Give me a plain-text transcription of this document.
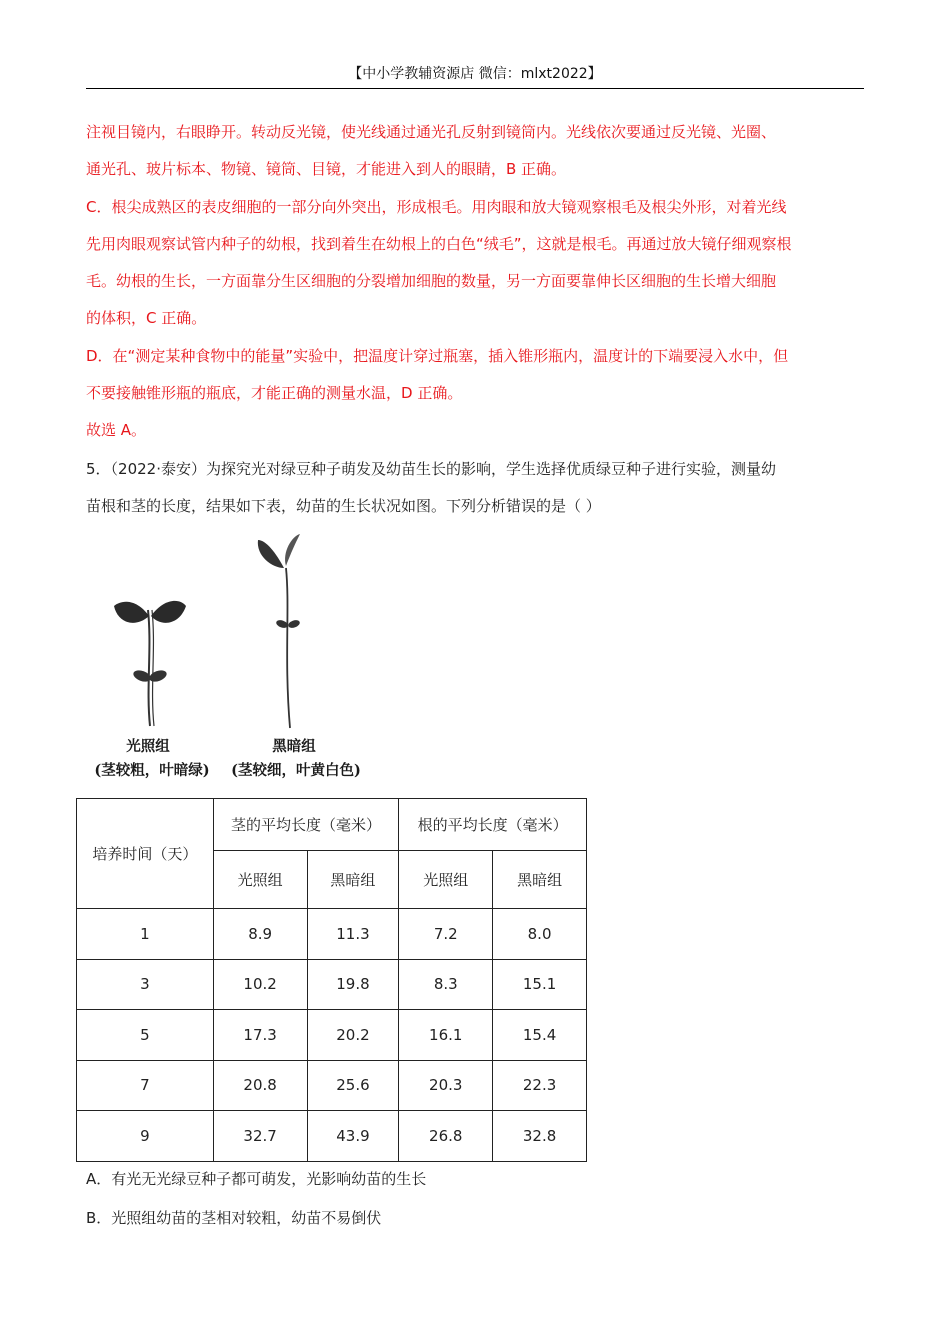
【中小学教辅资源店 微信：mlxt2022】

注视目镜内，右眼睁开。转动反光镜，使光线通过通光孔反射到镜筒内。光线依次要通过反光镜、光圈、

通光孔、玻片标本、物镜、镜筒、目镜，才能进入到人的眼睛，B 正确。

C．根尖成熟区的表皮细胞的一部分向外突出，形成根毛。用肉眼和放大镜观察根毛及根尖外形，对着光线

先用肉眼观察试管内种子的幼根，找到着生在幼根上的白色“绒毛”，这就是根毛。再通过放大镜仔细观察根

毛。幼根的生长，一方面靠分生区细胞的分裂增加细胞的数量，另一方面要靠伸长区细胞的生长增大细胞

的体积，C 正确。

D．在“测定某种食物中的能量”实验中，把温度计穿过瓶塞，插入锥形瓶内，温度计的下端要浸入水中，但

不要接触锥形瓶的瓶底，才能正确的测量水温，D 正确。

故选 A。

5．（2022·泰安）为探究光对绿豆种子萌发及幼苗生长的影响，学生选择优质绿豆种子进行实验，测量幼

苗根和茎的长度，结果如下表，幼苗的生长状况如图。下列分析错误的是（ ）

光照组
(茎较粗，叶暗绿)
黑暗组
(茎较细，叶黄白色)
培养时间（天）	茎的平均长度（毫米）		根的平均长度（毫米）	
	光照组	黑暗组	光照组	黑暗组
1	8.9	11.3	7.2	8.0
3	10.2	19.8	8.3	15.1
5	17.3	20.2	16.1	15.4
7	20.8	25.6	20.3	22.3
9	32.7	43.9	26.8	32.8

A．有光无光绿豆种子都可萌发，光影响幼苗的生长

B．光照组幼苗的茎相对较粗，幼苗不易倒伏
